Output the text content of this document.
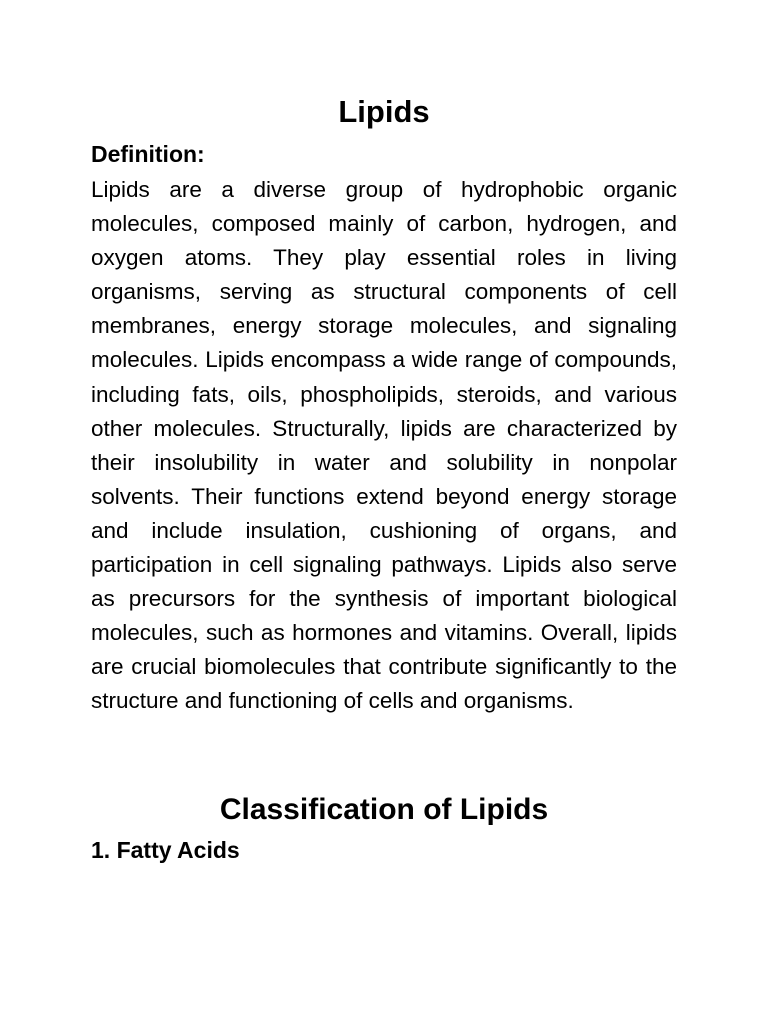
Lipids
Definition:

Lipids are a diverse group of hydrophobic organic molecules, composed mainly of carbon, hydrogen, and oxygen atoms. They play essential roles in living organisms, serving as structural components of cell membranes, energy storage molecules, and signaling molecules. Lipids encompass a wide range of compounds, including fats, oils, phospholipids, steroids, and various other molecules. Structurally, lipids are characterized by their insolubility in water and solubility in nonpolar solvents. Their functions extend beyond energy storage and include insulation, cushioning of organs, and participation in cell signaling pathways. Lipids also serve as precursors for the synthesis of important biological molecules, such as hormones and vitamins. Overall, lipids are crucial biomolecules that contribute significantly to the structure and functioning of cells and organisms.

Classification of Lipids
1. Fatty Acids
